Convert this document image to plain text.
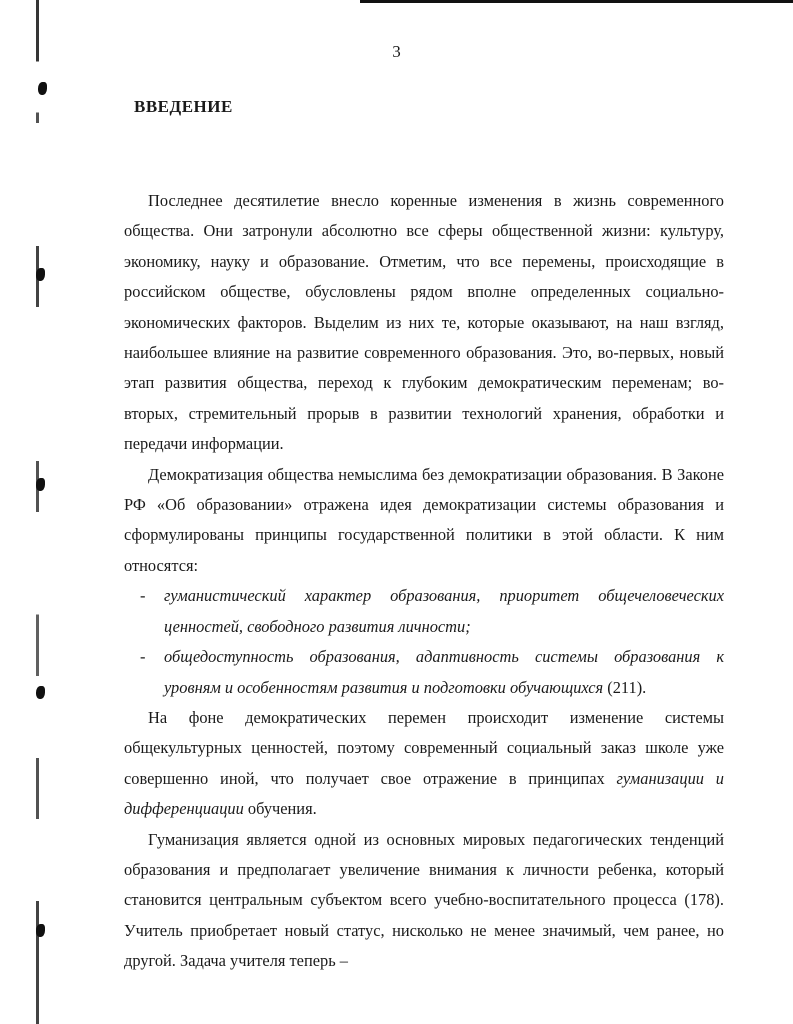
3
ВВЕДЕНИЕ

Последнее десятилетие внесло коренные изменения в жизнь современного общества. Они затронули абсолютно все сферы общественной жизни: культуру, экономику, науку и образование. Отметим, что все перемены, происходящие в российском обществе, обусловлены рядом вполне определенных социально-экономических факторов. Выделим из них те, которые оказывают, на наш взгляд, наибольшее влияние на развитие современного образования. Это, во-первых, новый этап развития общества, переход к глубоким демократическим переменам; во-вторых, стремительный прорыв в развитии технологий хранения, обработки и передачи информации.

Демократизация общества немыслима без демократизации образования. В Законе РФ «Об образовании» отражена идея демократизации системы образования и сформулированы принципы государственной политики в этой области. К ним относятся:

- гуманистический характер образования, приоритет общечеловеческих ценностей, свободного развития личности;
- общедоступность образования, адаптивность системы образования к уровням и особенностям развития и подготовки обучающихся (211).

На фоне демократических перемен происходит изменение системы общекультурных ценностей, поэтому современный социальный заказ школе уже совершенно иной, что получает свое отражение в принципах гуманизации и дифференциации обучения.

Гуманизация является одной из основных мировых педагогических тенденций образования и предполагает увеличение внимания к личности ребенка, который становится центральным субъектом всего учебно-воспитательного процесса (178). Учитель приобретает новый статус, нисколько не менее значимый, чем ранее, но другой. Задача учителя теперь –
